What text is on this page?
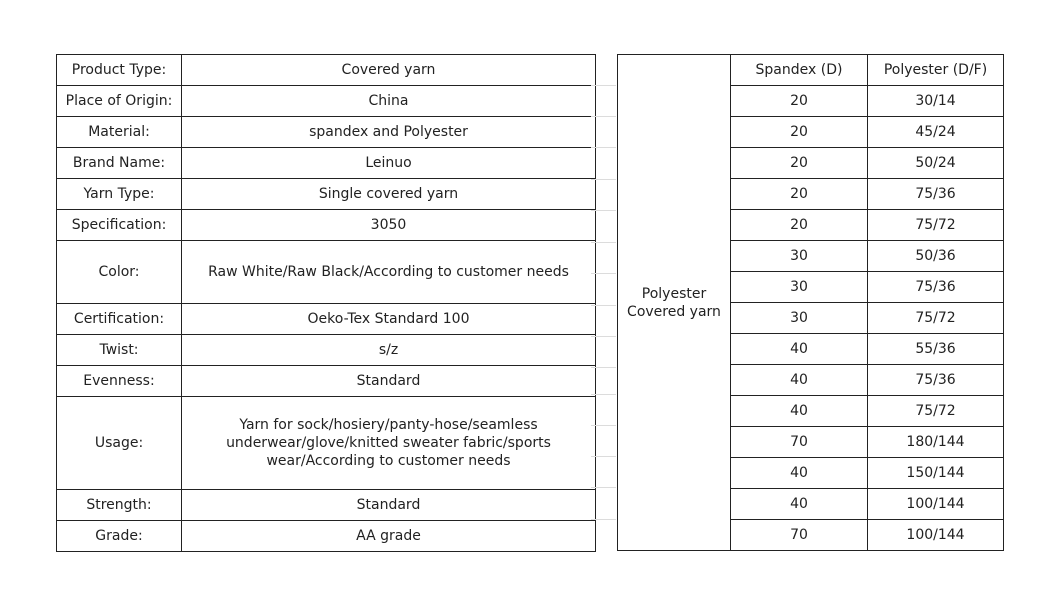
Product Type:	Covered yarn
Place of Origin:	China
Material:	spandex and Polyester
Brand Name:	Leinuo
Yarn Type:	Single covered yarn
Specification:	3050
Color:	Raw White/Raw Black/According to customer needs
Certification:	Oeko-Tex Standard 100
Twist:	s/z
Evenness:	Standard
Usage:	Yarn for sock/hosiery/panty-hose/seamless underwear/glove/knitted sweater fabric/sports wear/According to customer needs
Strength:	Standard
Grade:	AA grade
Polyester Covered yarn	Spandex (D)	Polyester (D/F)
	20	30/14
	20	45/24
	20	50/24
	20	75/36
	20	75/72
	30	50/36
	30	75/36
	30	75/72
	40	55/36
	40	75/36
	40	75/72
	70	180/144
	40	150/144
	40	100/144
	70	100/144
